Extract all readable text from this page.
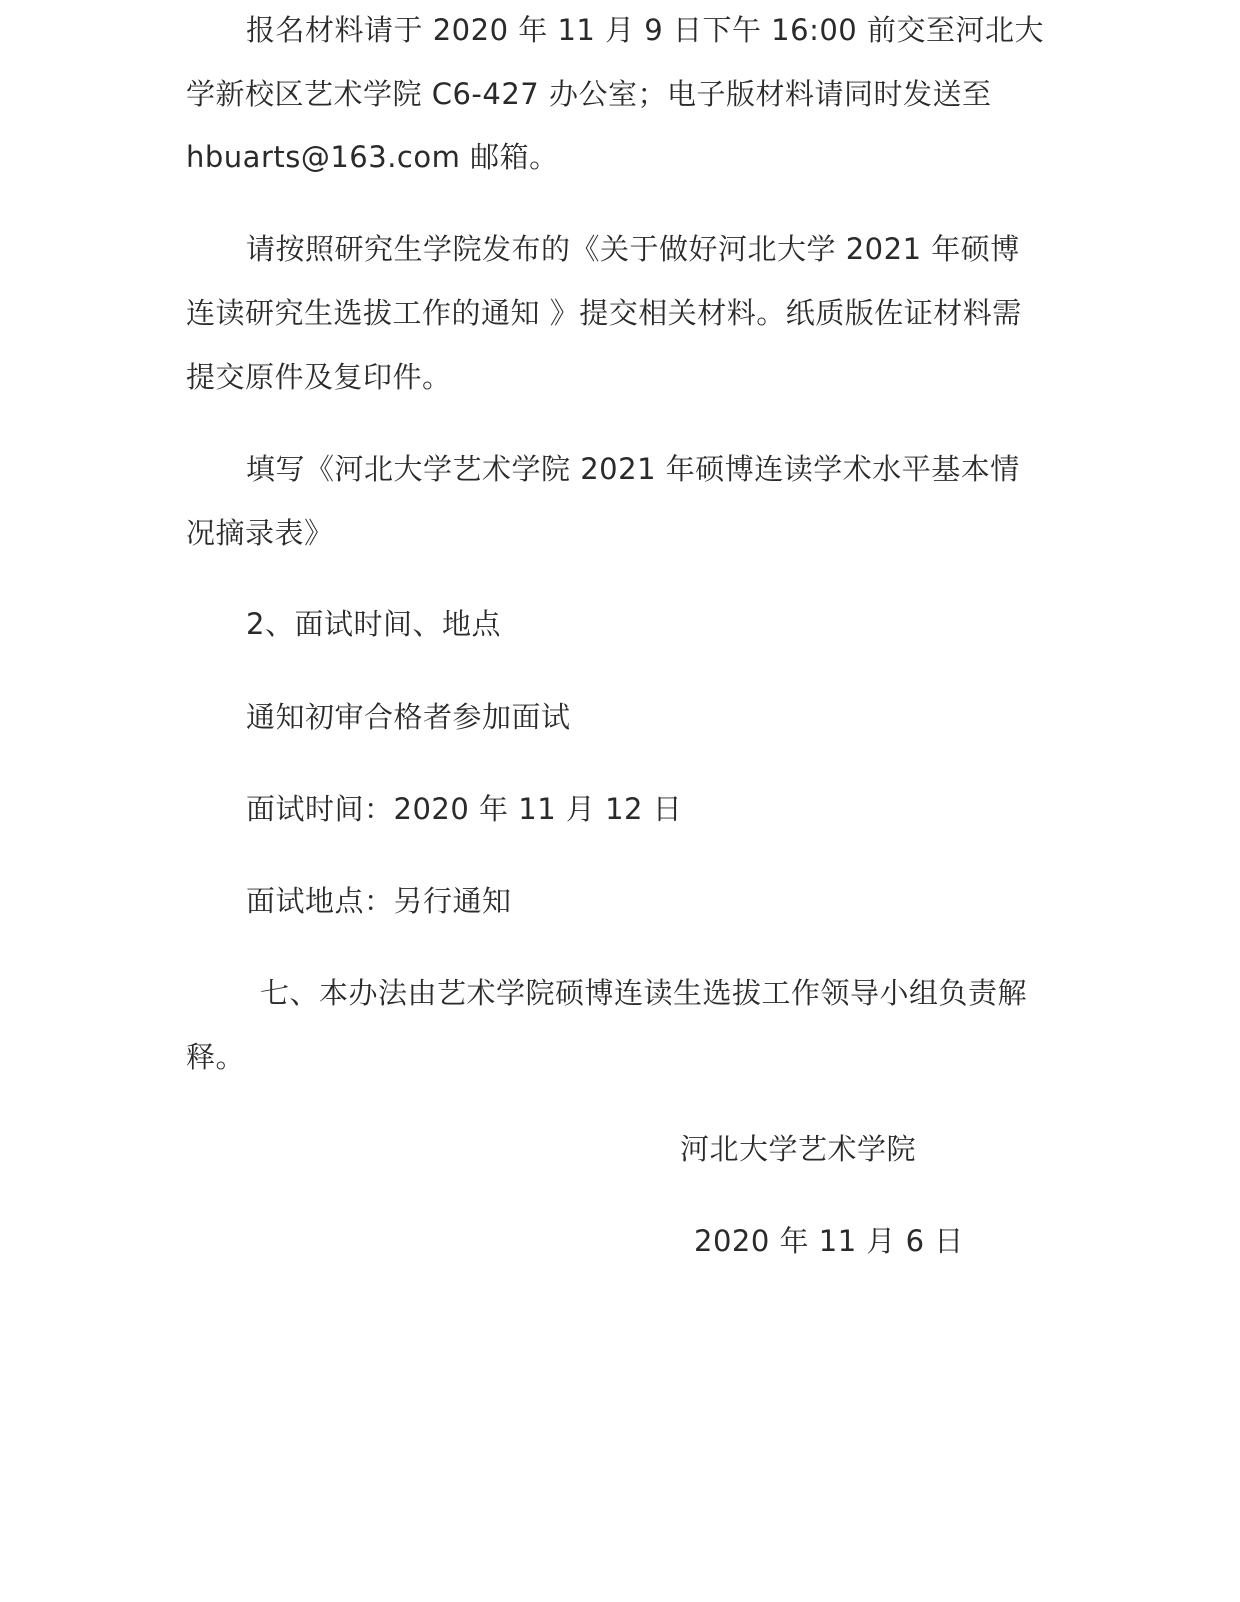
报名材料请于 2020 年 11 月 9 日下午 16:00 前交至河北大
学新校区艺术学院 C6-427 办公室；电子版材料请同时发送至
hbuarts@163.com 邮箱。
请按照研究生学院发布的《关于做好河北大学 2021 年硕博
连读研究生选拔工作的通知 》提交相关材料。纸质版佐证材料需
提交原件及复印件。
填写《河北大学艺术学院 2021 年硕博连读学术水平基本情
况摘录表》
2、面试时间、地点
通知初审合格者参加面试
面试时间：2020 年 11 月 12 日
面试地点：另行通知
七、本办法由艺术学院硕博连读生选拔工作领导小组负责解
释。
河北大学艺术学院
2020 年 11 月 6 日
